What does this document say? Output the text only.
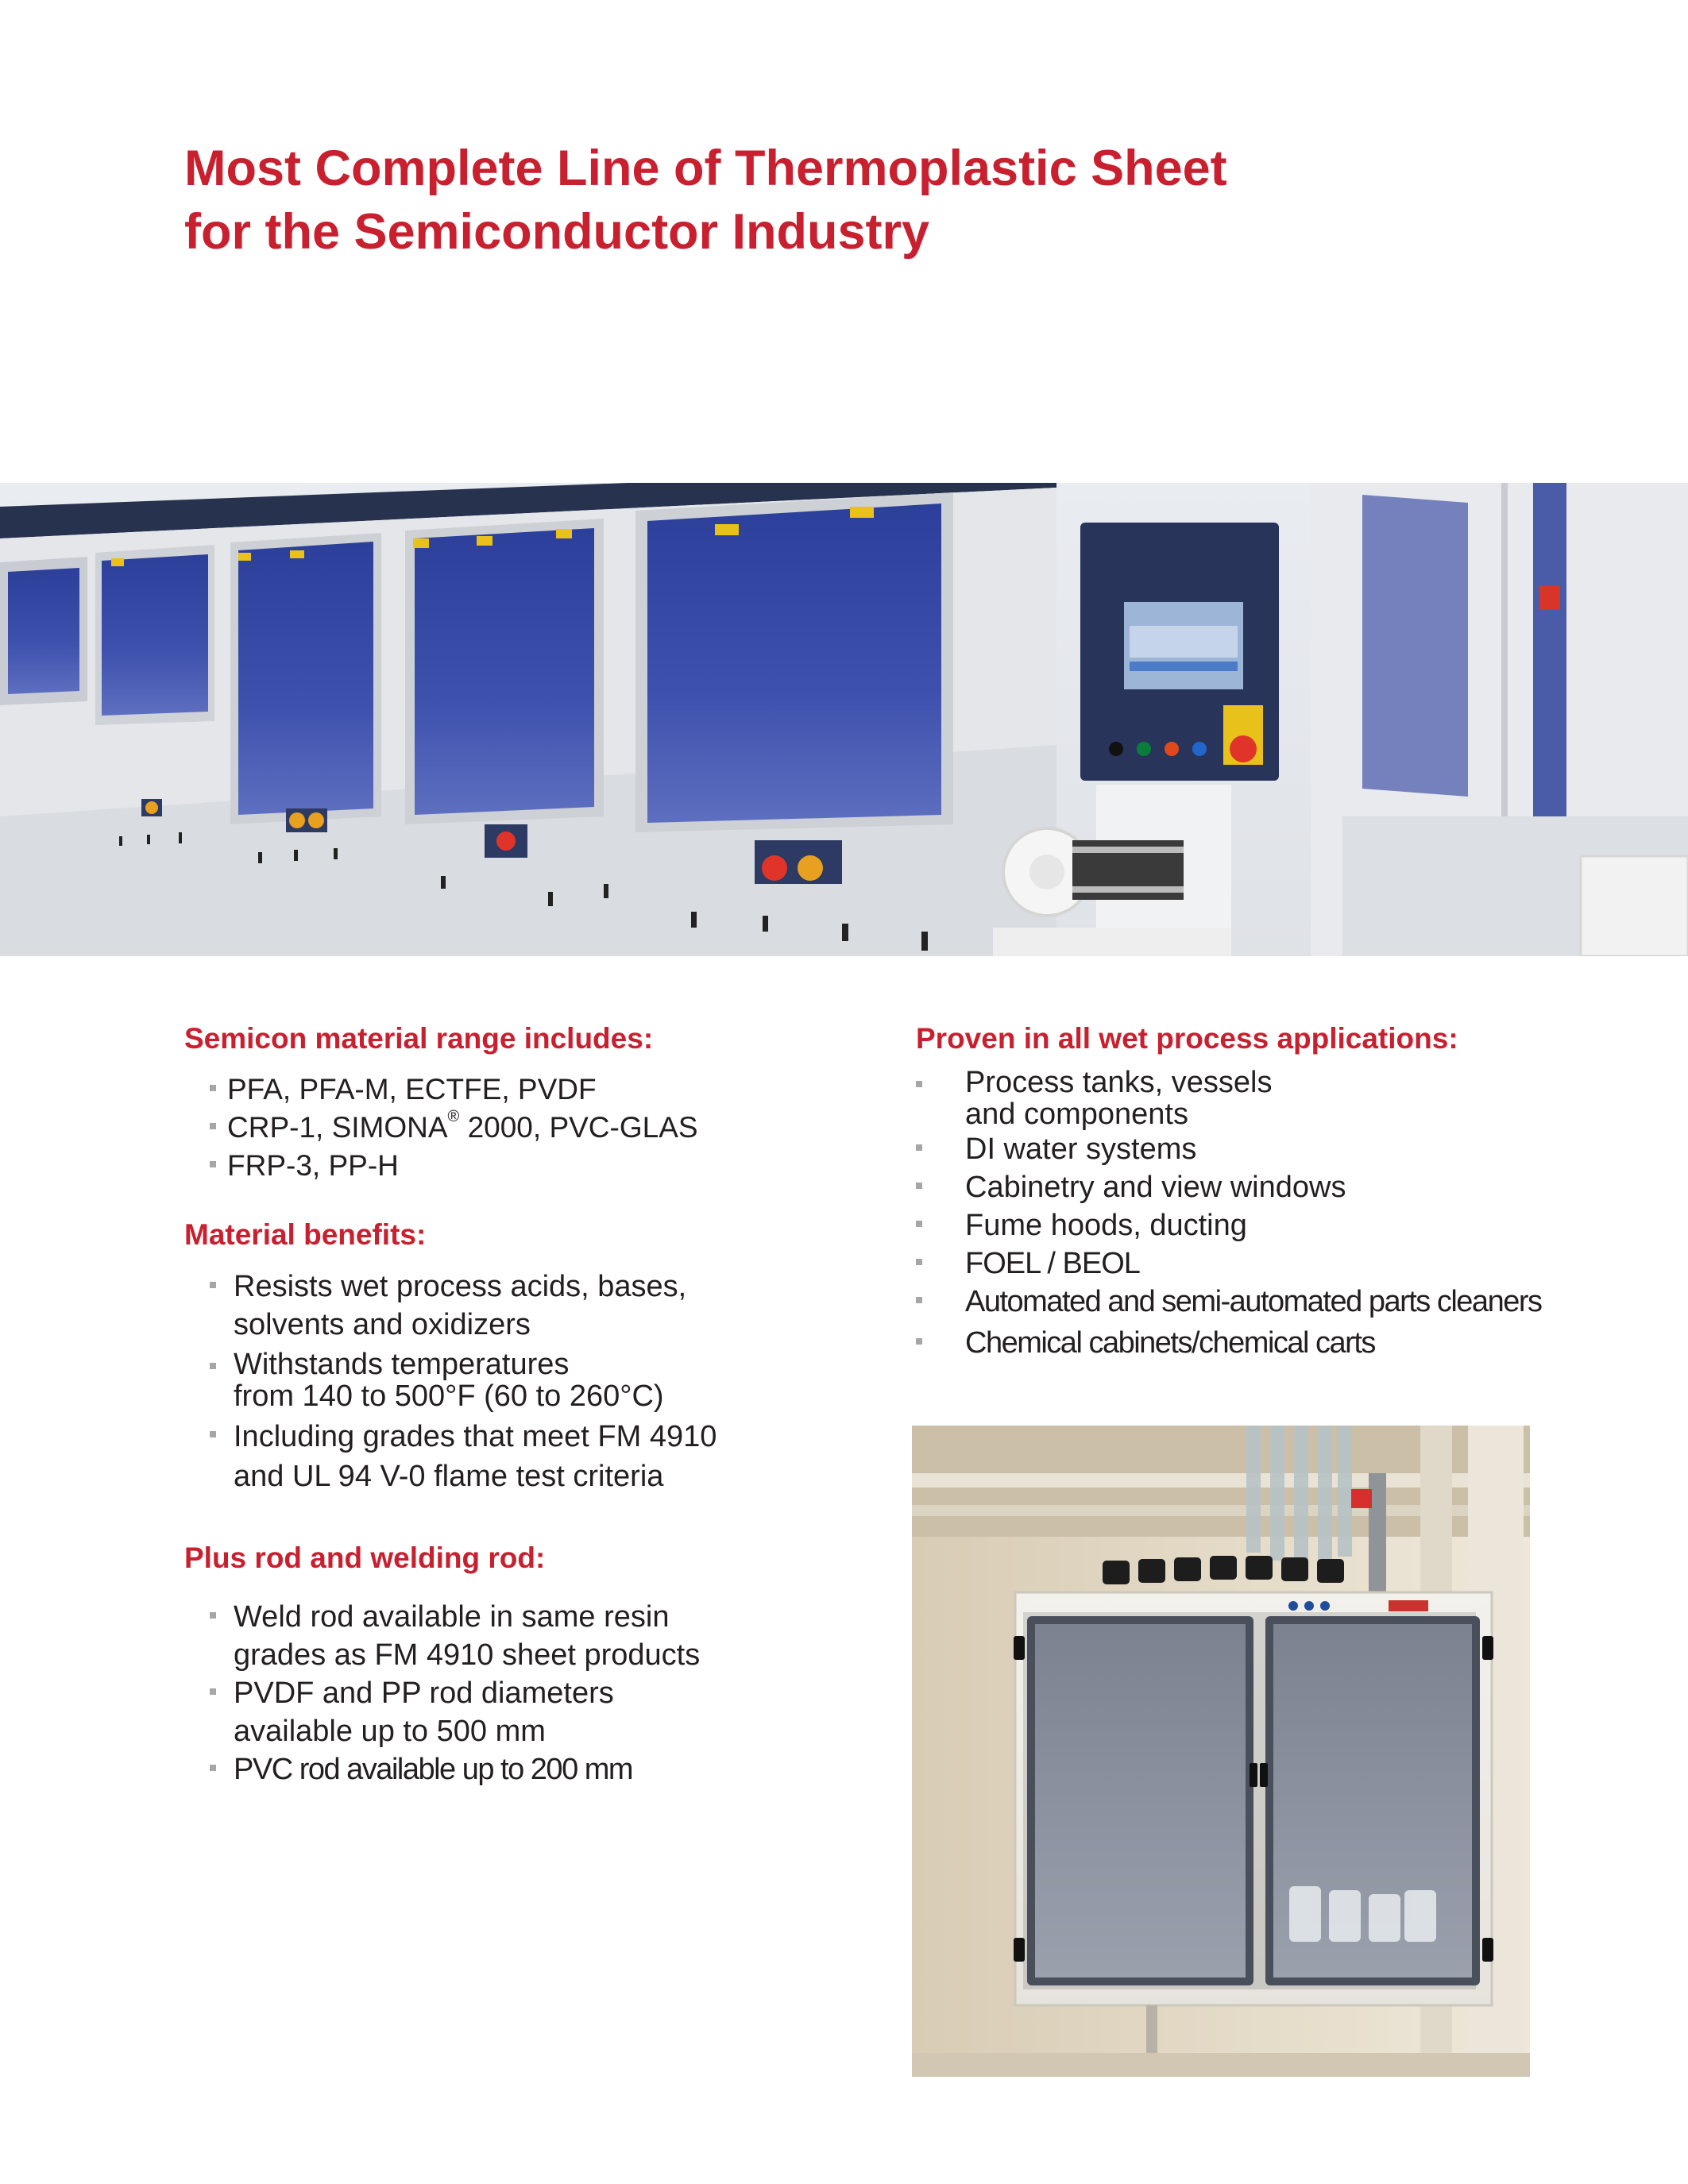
Most Complete Line of Thermoplastic Sheet
for the Semiconductor Industry
Semicon material range includes:
PFA, PFA-M, ECTFE, PVDF
CRP-1, SIMONA® 2000, PVC-GLAS
FRP-3, PP-H
Material benefits:
Resists wet process acids, bases,
solvents and oxidizers
Withstands temperatures
from 140 to 500°F (60 to 260°C)
Including grades that meet FM 4910
and UL 94 V-0 flame test criteria
Plus rod and welding rod:
Weld rod available in same resin
grades as FM 4910 sheet products
PVDF and PP rod diameters
available up to 500 mm
PVC rod available up to 200 mm
Proven in all wet process applications:
Process tanks, vessels
and components
DI water systems
Cabinetry and view windows
Fume hoods, ducting
FOEL / BEOL
Automated and semi-automated parts cleaners
Chemical cabinets/chemical carts
